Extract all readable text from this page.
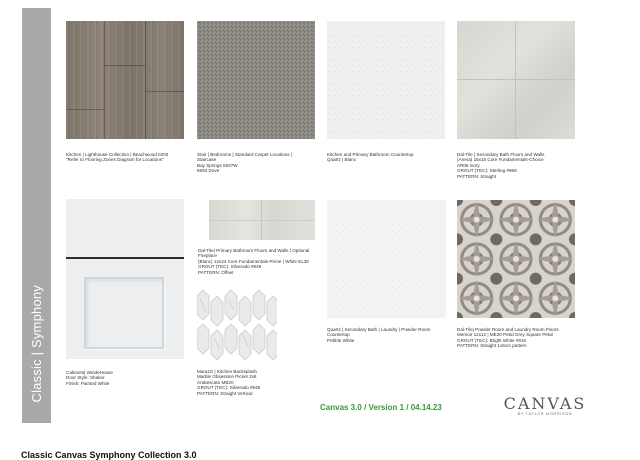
Classic | Symphony
Kitchen | Lighthouse Collection | Beachwood 0200
"Refer to Flooring Zones Diagram for Locations"
Stair | Bedrooms | Standard Carpet Locations |
Staircase
Bay Springs 5937W
6993 Dove
Kitchen and Primary Bathroom Countertop
Quartz | Blanc
Dal-Tile | Secondary Bath Floors and Walls
(Arena) 15x15 Core Fundamentals-Choice
AR06 Ivory
GROUT (TEC): Sterling #969
PATTERN: Straight
Cabinets| WindeHouse
Door Style: Shaker
Finish: Painted White
Dal-Tile| Primary Bathroom Floors and Walls | Optional
Fireplace
(Blanc) 12x24 Core Fundamentals-Prime | White EL30
GROUT (TEC): Silverado #949
PATTERN: Offset
Marazzi | Kitchen Backsplash
Marble Obsession Picket 2x6
Arabescato MB20
GROUT (TEC): Silverado #949
PATTERN: Straight Vertical
Quartz | Secondary Bath | Laundry | Powder Room
Countertop
Pebble White
Dal-Tile| Powder Room and Laundry Room Floors
Memoir 12x12 | ME20 Petal Grey Square Petal
GROUT (TEC): Bright White #910
PATTERN: Straight 1x6cm pattern
Canvas 3.0 / Version 1 / 04.14.23	CANVAS
BY TAYLOR MORRISON
Classic Canvas Symphony Collection 3.0
